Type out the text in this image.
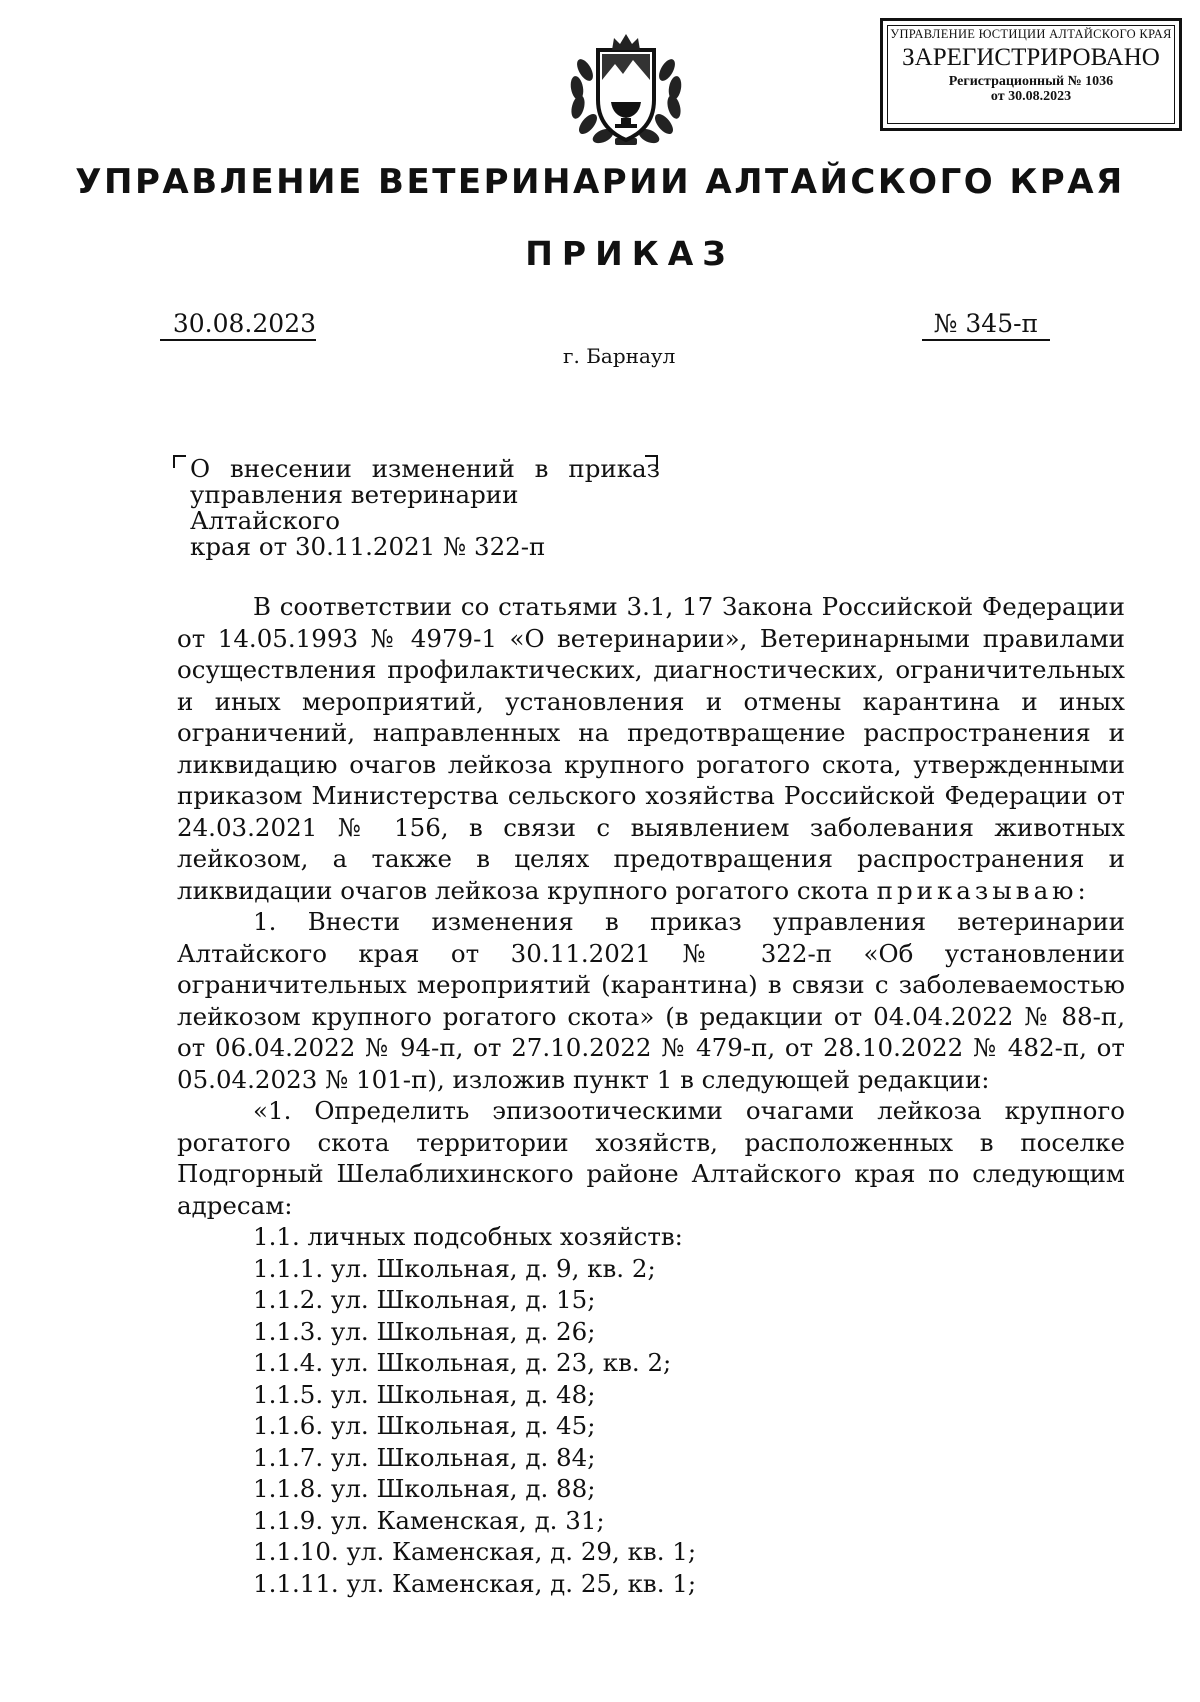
УПРАВЛЕНИЕ ЮСТИЦИИ АЛТАЙСКОГО КРАЯ
ЗАРЕГИСТРИРОВАНО
Регистрационный № 1036
от 30.08.2023
УПРАВЛЕНИЕ ВЕТЕРИНАРИИ АЛТАЙСКОГО КРАЯ
ПРИКАЗ
30.08.2023	№ 345-п
г. Барнаул
О внесении изменений в приказ
управления ветеринарии Алтайского
края от 30.11.2021 № 322-п

В соответствии со статьями 3.1, 17 Закона Российской Федерации от 14.05.1993 № 4979-1 «О ветеринарии», Ветеринарными правилами осуществления профилактических, диагностических, ограничительных и иных мероприятий, установления и отмены карантина и иных ограничений, направленных на предотвращение распространения и ликвидацию очагов лейкоза крупного рогатого скота, утвержденными приказом Министерства сельского хозяйства Российской Федерации от 24.03.2021 № 156, в связи с выявлением заболевания животных лейкозом, а также в целях предотвращения распространения и ликвидации очагов лейкоза крупного рогатого скота приказываю:

1. Внести изменения в приказ управления ветеринарии Алтайского края от 30.11.2021 № 322-п «Об установлении ограничительных мероприятий (карантина) в связи с заболеваемостью лейкозом крупного рогатого скота» (в редакции от 04.04.2022 № 88-п, от 06.04.2022 № 94-п, от 27.10.2022 № 479-п, от 28.10.2022 № 482-п, от 05.04.2023 № 101-п), изложив пункт 1 в следующей редакции:

«1. Определить эпизоотическими очагами лейкоза крупного рогатого скота территории хозяйств, расположенных в поселке Подгорный Шелаблихинского районе Алтайского края по следующим адресам:

1.1. личных подсобных хозяйств:

1.1.1. ул. Школьная, д. 9, кв. 2;

1.1.2. ул. Школьная, д. 15;

1.1.3. ул. Школьная, д. 26;

1.1.4. ул. Школьная, д. 23, кв. 2;

1.1.5. ул. Школьная, д. 48;

1.1.6. ул. Школьная, д. 45;

1.1.7. ул. Школьная, д. 84;

1.1.8. ул. Школьная, д. 88;

1.1.9. ул. Каменская, д. 31;

1.1.10. ул. Каменская, д. 29, кв. 1;

1.1.11. ул. Каменская, д. 25, кв. 1;
